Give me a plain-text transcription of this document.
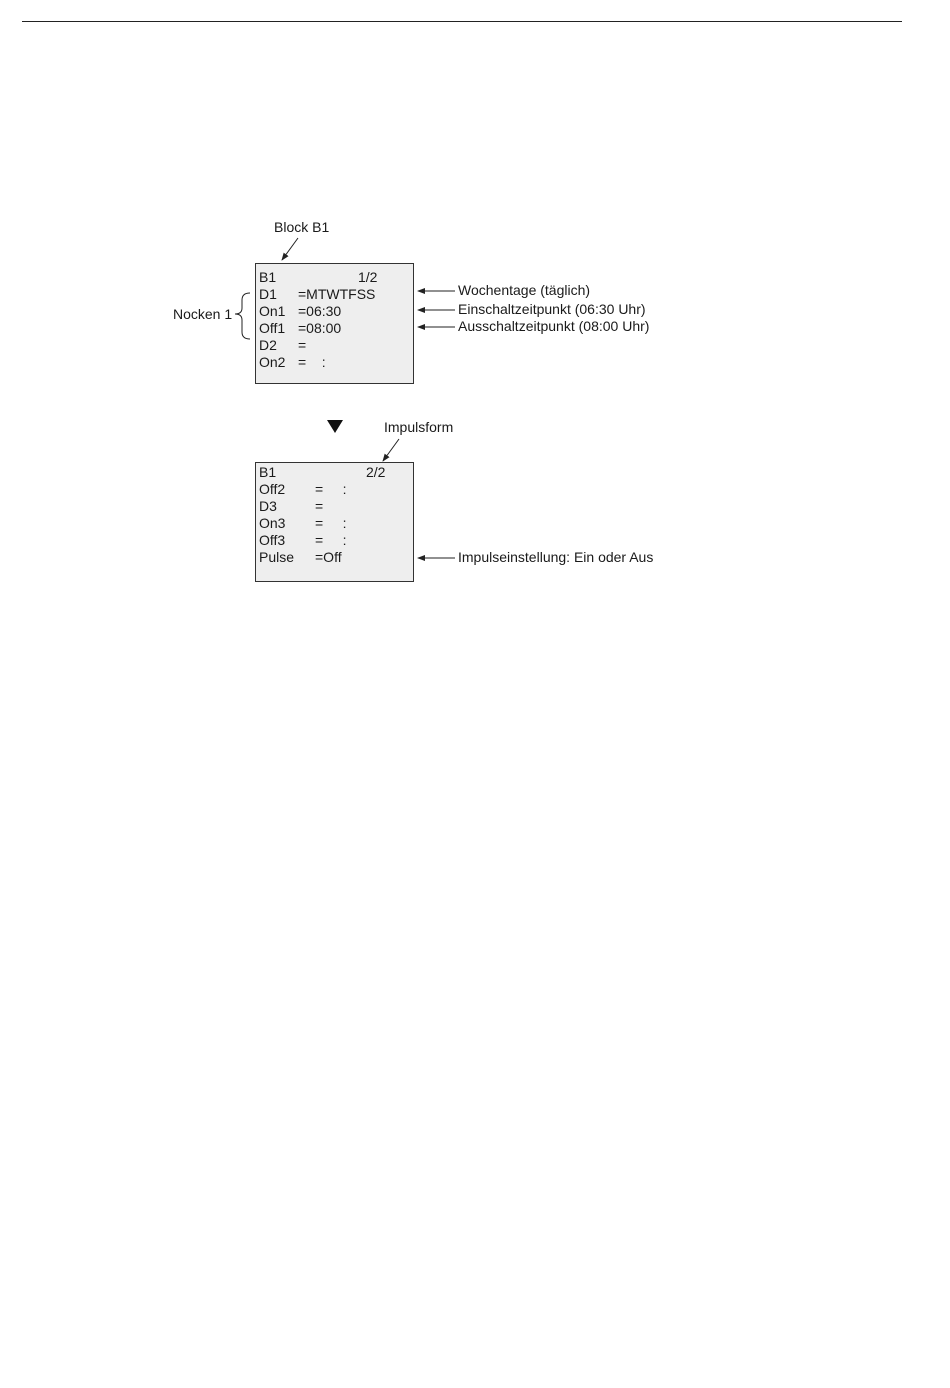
Block B1
Nocken 1
Wochentage (täglich)
Einschaltzeitpunkt (06:30 Uhr)
Ausschaltzeitpunkt (08:00 Uhr)
Impulsform
Impulseinstellung: Ein oder Aus
B1	1/2
D1 =MTWTFSS
On1 =06:30
Off1 =08:00
D2 =
On2 =    :
B1	2/2
Off2 =     :
D3	=
On3 =     :
Off3 =     :
Pulse =Off
